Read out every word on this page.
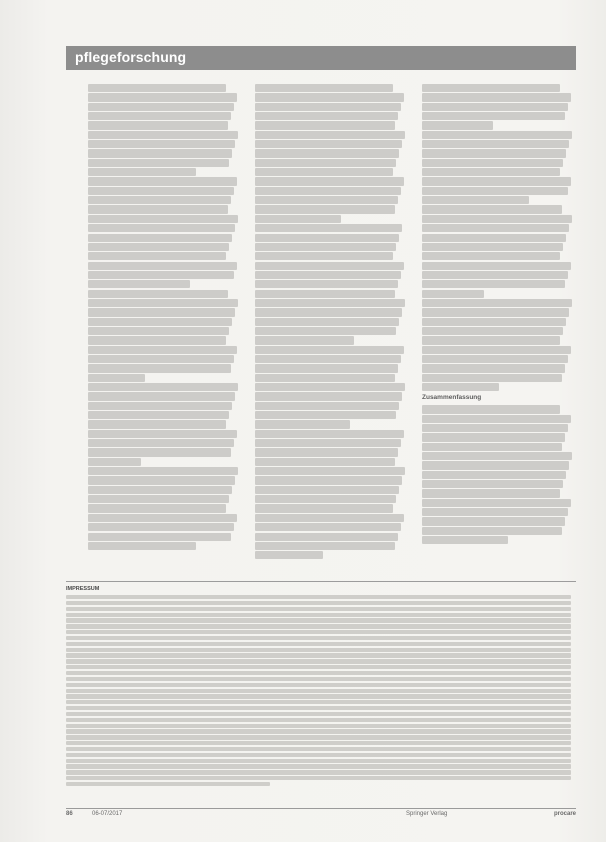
pflegeforschung
Zusammenfassung
IMPRESSUM
86	06-07/2017	Springer Verlag	procare
